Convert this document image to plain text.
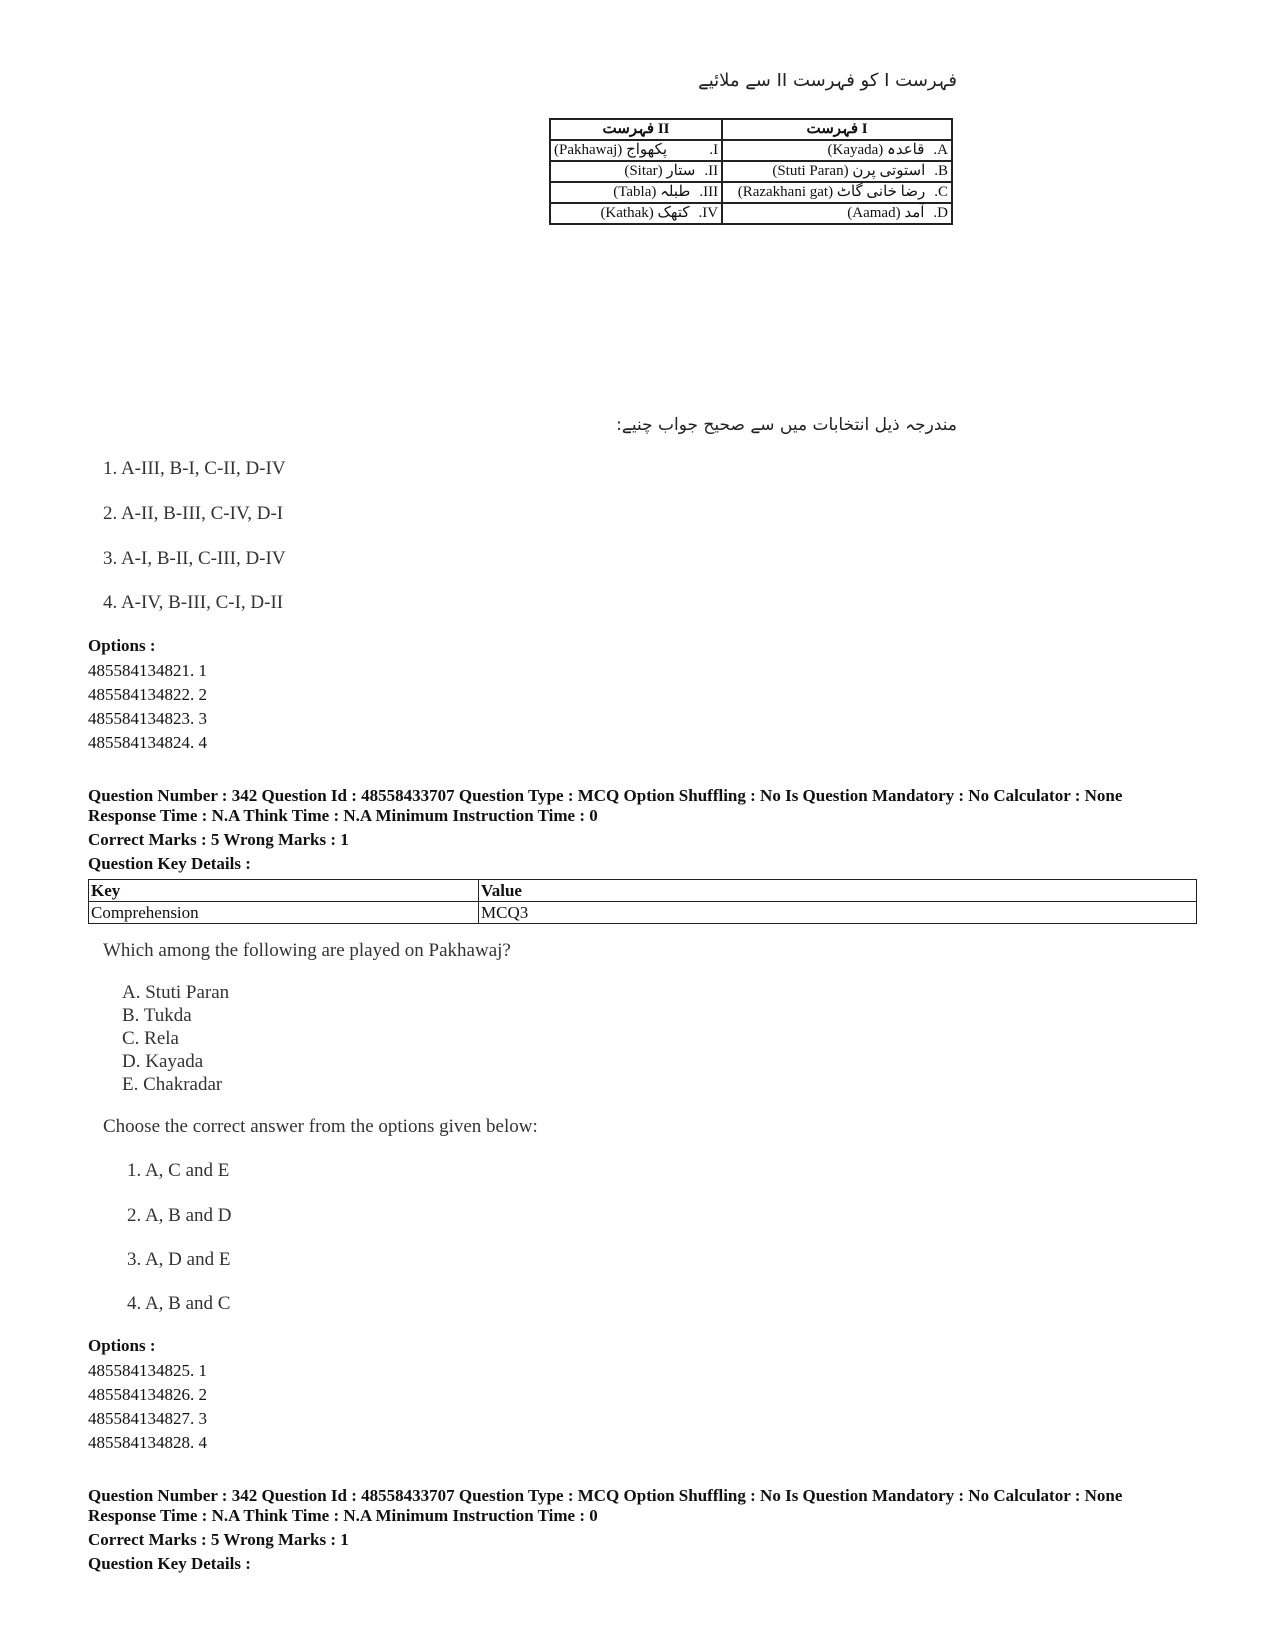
فہرست I کو فہرست II سے ملائیے
فہرست II	فہرست I

(Pakhawaj) پکھواج .I	(Kayada) قاعدہ .A

(Sitar) ستار .II	(Stuti Paran) استوتی پرن .B

(Tabla) طبلہ .III	(Razakhani gat) رضا خانی گاٹ .C

(Kathak) کتھک .IV	(Aamad) آمد .D
مندرجہ ذیل انتخابات میں سے صحیح جواب چنیے:
1. A-III, B-I, C-II, D-IV
2. A-II, B-III, C-IV, D-I
3. A-I, B-II, C-III, D-IV
4. A-IV, B-III, C-I, D-II
Options :
485584134821. 1
485584134822. 2
485584134823. 3
485584134824. 4
Question Number : 342 Question Id : 48558433707 Question Type : MCQ Option Shuffling : No Is Question Mandatory : No Calculator : None
Response Time : N.A Think Time : N.A Minimum Instruction Time : 0
Correct Marks : 5 Wrong Marks : 1
Question Key Details :
Key	Value
Comprehension	MCQ3
Which among the following are played on Pakhawaj?
A. Stuti Paran
B. Tukda
C. Rela
D. Kayada
E. Chakradar
Choose the correct answer from the options given below:
1. A, C and E
2. A, B and D
3. A, D and E
4. A, B and C
Options :
485584134825. 1
485584134826. 2
485584134827. 3
485584134828. 4
Question Number : 342 Question Id : 48558433707 Question Type : MCQ Option Shuffling : No Is Question Mandatory : No Calculator : None
Response Time : N.A Think Time : N.A Minimum Instruction Time : 0
Correct Marks : 5 Wrong Marks : 1
Question Key Details :
